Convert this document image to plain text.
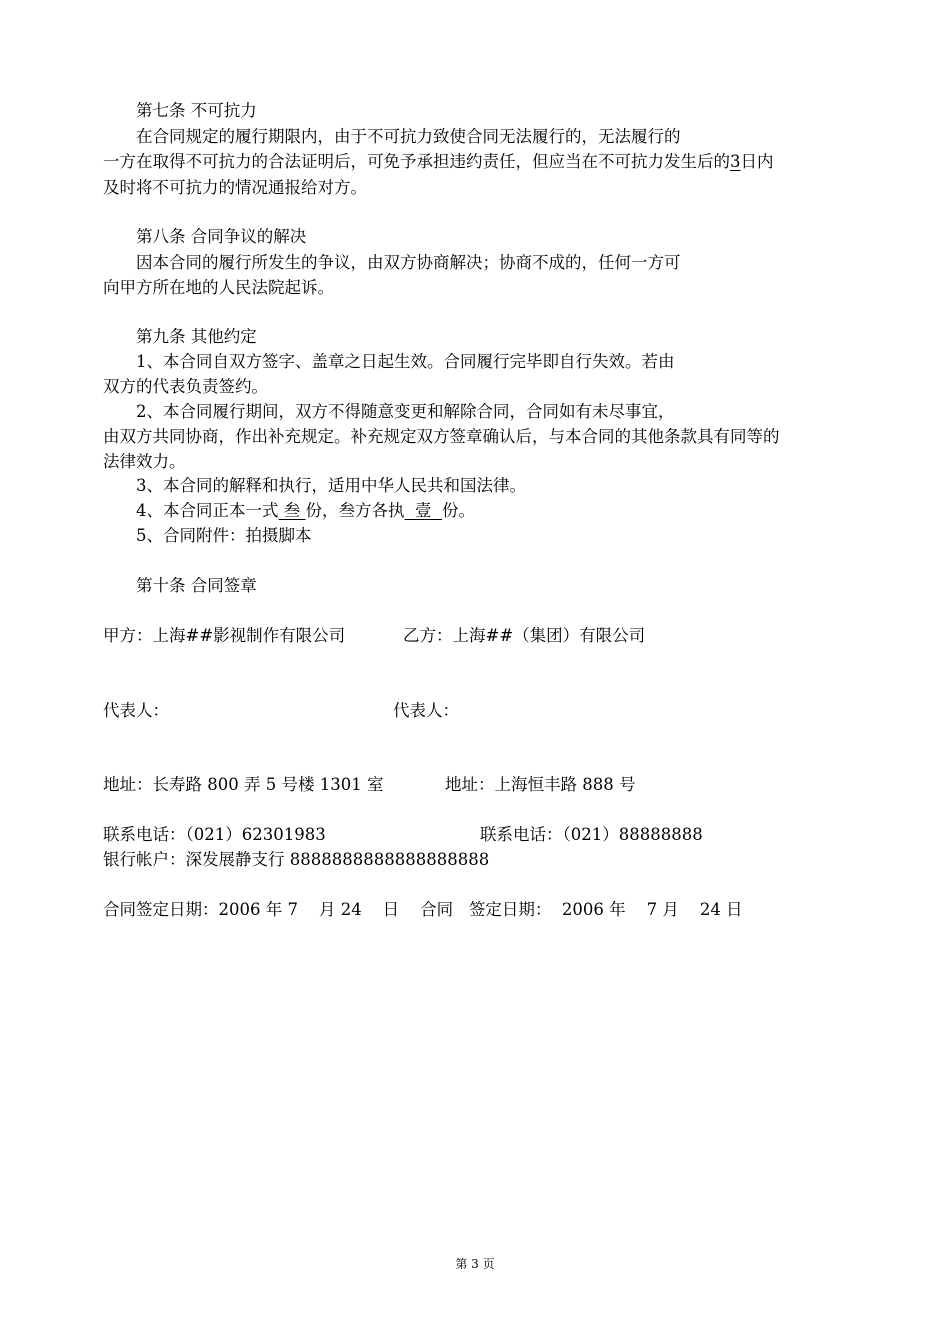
第七条 不可抗力
在合同规定的履行期限内，由于不可抗力致使合同无法履行的，无法履行的
一方在取得不可抗力的合法证明后，可免予承担违约责任，但应当在不可抗力发生后的3日内
及时将不可抗力的情况通报给对方。
第八条 合同争议的解决
因本合同的履行所发生的争议，由双方协商解决；协商不成的，任何一方可
向甲方所在地的人民法院起诉。
第九条 其他约定
1、本合同自双方签字、盖章之日起生效。合同履行完毕即自行失效。若由
双方的代表负责签约。
2、本合同履行期间，双方不得随意变更和解除合同，合同如有未尽事宜，
由双方共同协商，作出补充规定。补充规定双方签章确认后，与本合同的其他条款具有同等的
法律效力。
3、本合同的解释和执行，适用中华人民共和国法律。
4、本合同正本一式 叁 份，叁方各执  壹  份。
5、合同附件：拍摄脚本
第十条 合同签章
甲方：上海##影视制作有限公司	乙方：上海##（集团）有限公司
代表人：	代表人：
地址：长寿路 800 弄 5 号楼 1301 室	地址：上海恒丰路 888 号
联系电话：（021）62301983	联系电话：（021）88888888
银行帐户：深发展静支行 8888888888888888888
合同签定日期：2006 年 7    月 24    日    合同   签定日期：  2006 年    7 月    24 日
第 3 页
